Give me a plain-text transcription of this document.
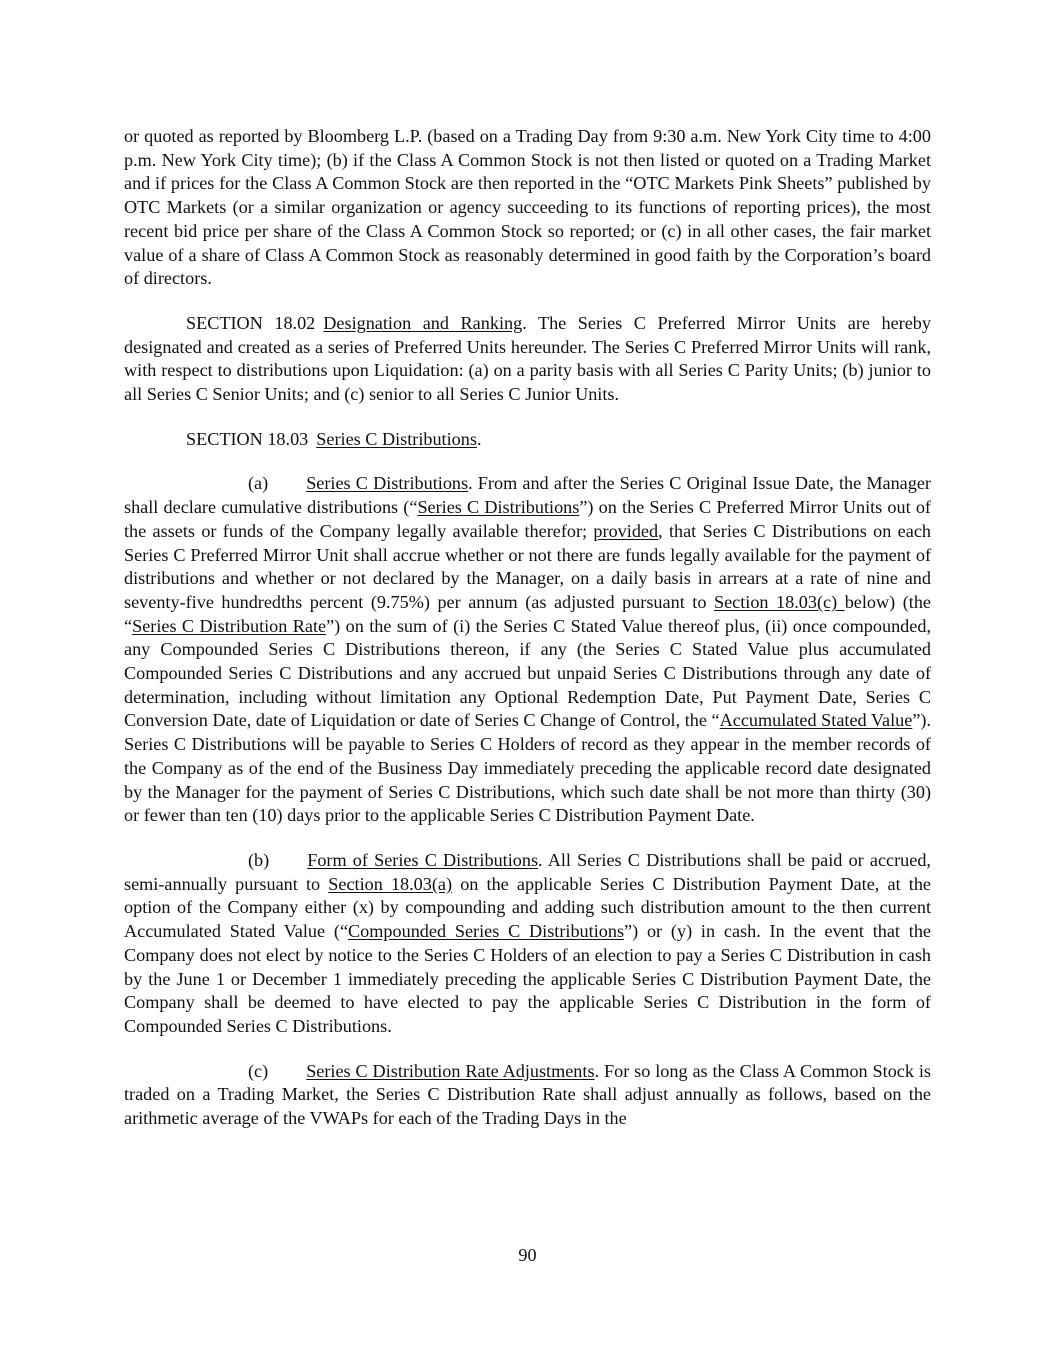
or quoted as reported by Bloomberg L.P. (based on a Trading Day from 9:30 a.m. New York City time to 4:00 p.m. New York City time); (b) if the Class A Common Stock is not then listed or quoted on a Trading Market and if prices for the Class A Common Stock are then reported in the “OTC Markets Pink Sheets” published by OTC Markets (or a similar organization or agency succeeding to its functions of reporting prices), the most recent bid price per share of the Class A Common Stock so reported; or (c) in all other cases, the fair market value of a share of Class A Common Stock as reasonably determined in good faith by the Corporation’s board of directors.

SECTION 18.02 Designation and Ranking. The Series C Preferred Mirror Units are hereby designated and created as a series of Preferred Units hereunder. The Series C Preferred Mirror Units will rank, with respect to distributions upon Liquidation: (a) on a parity basis with all Series C Parity Units; (b) junior to all Series C Senior Units; and (c) senior to all Series C Junior Units.

SECTION 18.03 Series C Distributions.

(a) Series C Distributions. From and after the Series C Original Issue Date, the Manager shall declare cumulative distributions (“Series C Distributions”) on the Series C Preferred Mirror Units out of the assets or funds of the Company legally available therefor; provided, that Series C Distributions on each Series C Preferred Mirror Unit shall accrue whether or not there are funds legally available for the payment of distributions and whether or not declared by the Manager, on a daily basis in arrears at a rate of nine and seventy-five hundredths percent (9.75%) per annum (as adjusted pursuant to Section 18.03(c) below) (the “Series C Distribution Rate”) on the sum of (i) the Series C Stated Value thereof plus, (ii) once compounded, any Compounded Series C Distributions thereon, if any (the Series C Stated Value plus accumulated Compounded Series C Distributions and any accrued but unpaid Series C Distributions through any date of determination, including without limitation any Optional Redemption Date, Put Payment Date, Series C Conversion Date, date of Liquidation or date of Series C Change of Control, the “Accumulated Stated Value”). Series C Distributions will be payable to Series C Holders of record as they appear in the member records of the Company as of the end of the Business Day immediately preceding the applicable record date designated by the Manager for the payment of Series C Distributions, which such date shall be not more than thirty (30) or fewer than ten (10) days prior to the applicable Series C Distribution Payment Date.

(b) Form of Series C Distributions. All Series C Distributions shall be paid or accrued, semi-annually pursuant to Section 18.03(a) on the applicable Series C Distribution Payment Date, at the option of the Company either (x) by compounding and adding such distribution amount to the then current Accumulated Stated Value (“Compounded Series C Distributions”) or (y) in cash. In the event that the Company does not elect by notice to the Series C Holders of an election to pay a Series C Distribution in cash by the June 1 or December 1 immediately preceding the applicable Series C Distribution Payment Date, the Company shall be deemed to have elected to pay the applicable Series C Distribution in the form of Compounded Series C Distributions.

(c) Series C Distribution Rate Adjustments. For so long as the Class A Common Stock is traded on a Trading Market, the Series C Distribution Rate shall adjust annually as follows, based on the arithmetic average of the VWAPs for each of the Trading Days in the

90
